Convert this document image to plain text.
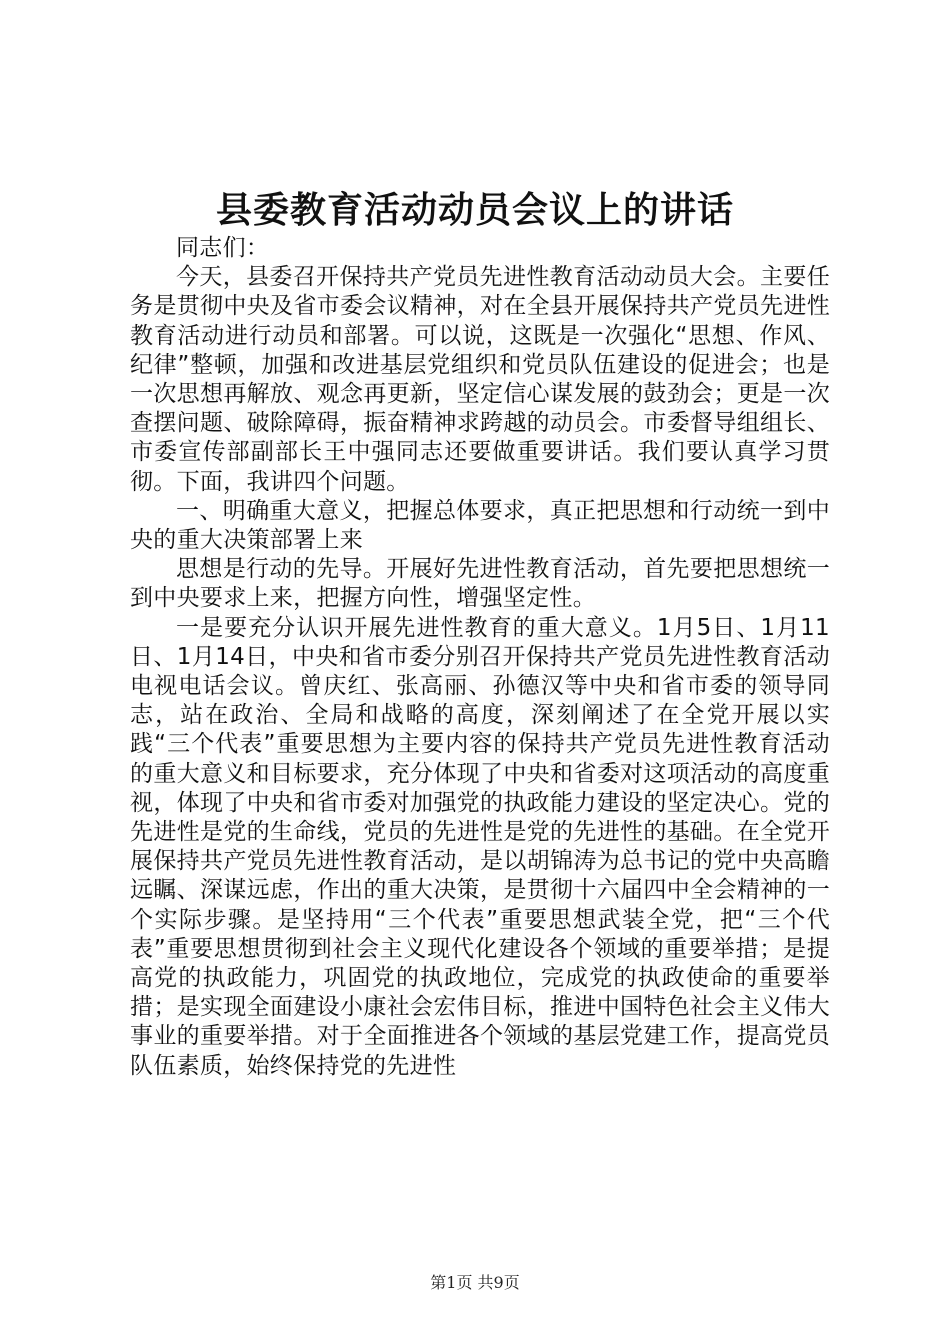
县委教育活动动员会议上的讲话

同志们：

今天，县委召开保持共产党员先进性教育活动动员大会。主要任务是贯彻中央及省市委会议精神，对在全县开展保持共产党员先进性教育活动进行动员和部署。可以说，这既是一次强化“思想、作风、纪律”整顿，加强和改进基层党组织和党员队伍建设的促进会；也是一次思想再解放、观念再更新，坚定信心谋发展的鼓劲会；更是一次查摆问题、破除障碍，振奋精神求跨越的动员会。市委督导组组长、市委宣传部副部长王中强同志还要做重要讲话。我们要认真学习贯彻。下面，我讲四个问题。

一、明确重大意义，把握总体要求，真正把思想和行动统一到中央的重大决策部署上来

思想是行动的先导。开展好先进性教育活动，首先要把思想统一到中央要求上来，把握方向性，增强坚定性。

一是要充分认识开展先进性教育的重大意义。1月5日、1月11日、1月14日，中央和省市委分别召开保持共产党员先进性教育活动电视电话会议。曾庆红、张高丽、孙德汉等中央和省市委的领导同志，站在政治、全局和战略的高度，深刻阐述了在全党开展以实践“三个代表”重要思想为主要内容的保持共产党员先进性教育活动的重大意义和目标要求，充分体现了中央和省委对这项活动的高度重视，体现了中央和省市委对加强党的执政能力建设的坚定决心。党的先进性是党的生命线，党员的先进性是党的先进性的基础。在全党开展保持共产党员先进性教育活动，是以胡锦涛为总书记的党中央高瞻远瞩、深谋远虑，作出的重大决策，是贯彻十六届四中全会精神的一个实际步骤。是坚持用“三个代表”重要思想武装全党，把“三个代表”重要思想贯彻到社会主义现代化建设各个领域的重要举措；是提高党的执政能力，巩固党的执政地位，完成党的执政使命的重要举措；是实现全面建设小康社会宏伟目标，推进中国特色社会主义伟大事业的重要举措。对于全面推进各个领域的基层党建工作，提高党员队伍素质，始终保持党的先进性

第1页 共9页
